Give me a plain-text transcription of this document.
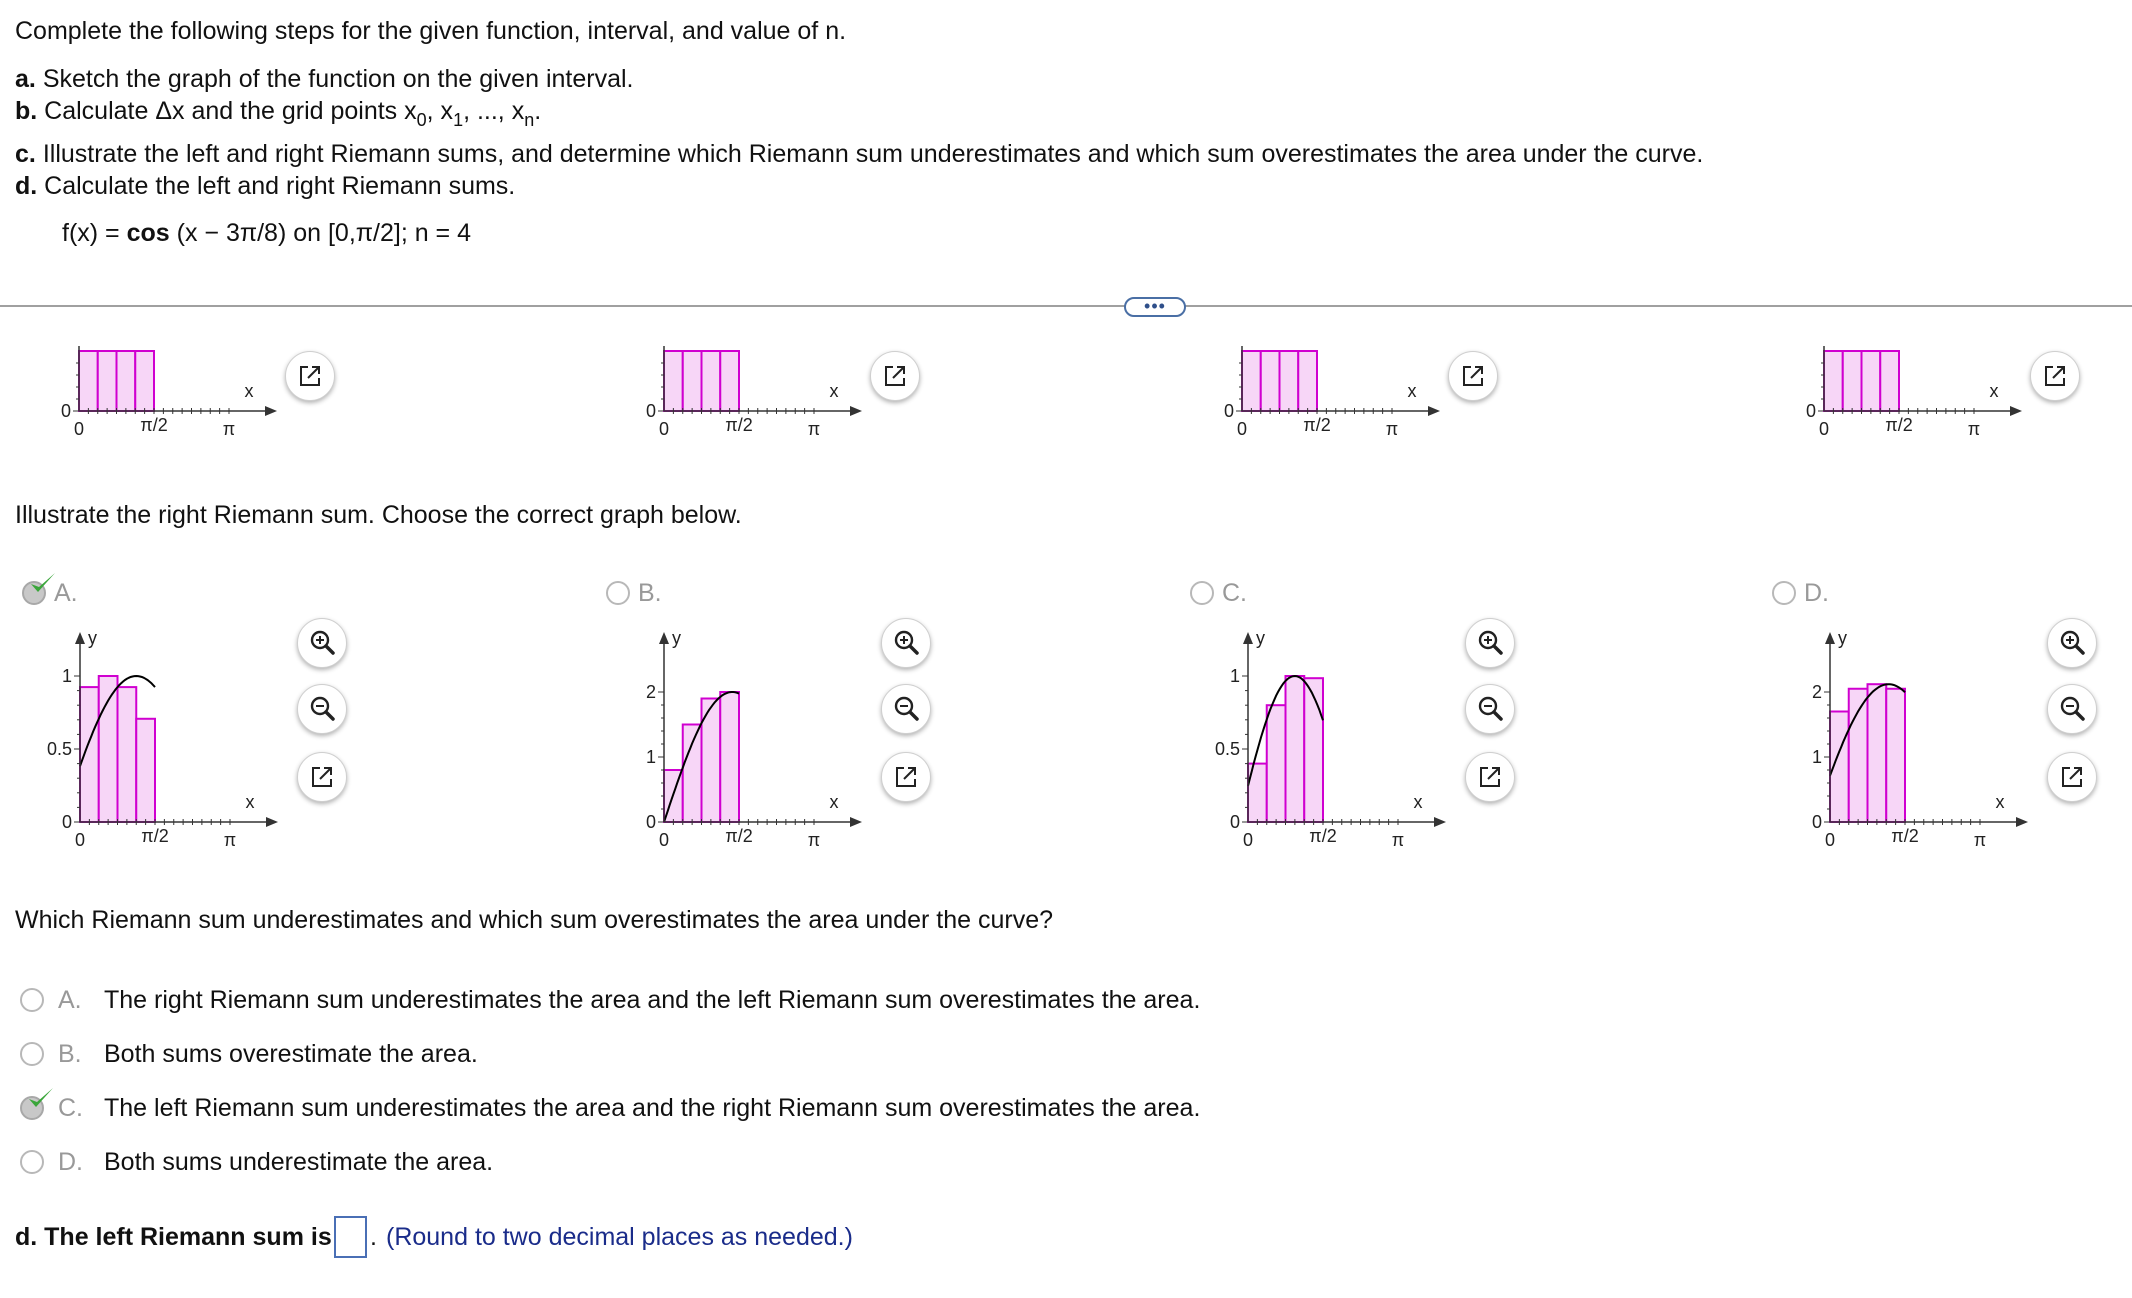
Complete the following steps for the given function, interval, and value of n.
a. Sketch the graph of the function on the given interval.
b. Calculate Δx and the grid points $x_0$, $x_1$, ..., $x_n$.
c. Illustrate the left and right Riemann sums, and determine which Riemann sum underestimates and which sum overestimates the area under the curve.
d. Calculate the left and right Riemann sums.
f(x) = cos (x − 3π/8) on [0,π/2]; n = 4
•••
Illustrate the right Riemann sum. Choose the correct graph below.
Which Riemann sum underestimates and which sum overestimates the area under the curve?
d. The left Riemann sum is . (Round to two decimal places as needed.)
0
0	π/2	π
x
0
0	π/2	π
x
0
0	π/2	π
x
0
0	π/2	π
x
A.
y
0
0.5
1
0	π/2	π
x
B.
y
0
1
2
0	π/2	π
x
C.
y
0
0.5
1
0	π/2	π
x
D.
y
0
1
2
0	π/2	π
x
A. The right Riemann sum underestimates the area and the left Riemann sum overestimates the area.
B. Both sums overestimate the area.
C. The left Riemann sum underestimates the area and the right Riemann sum overestimates the area.
D. Both sums underestimate the area.
